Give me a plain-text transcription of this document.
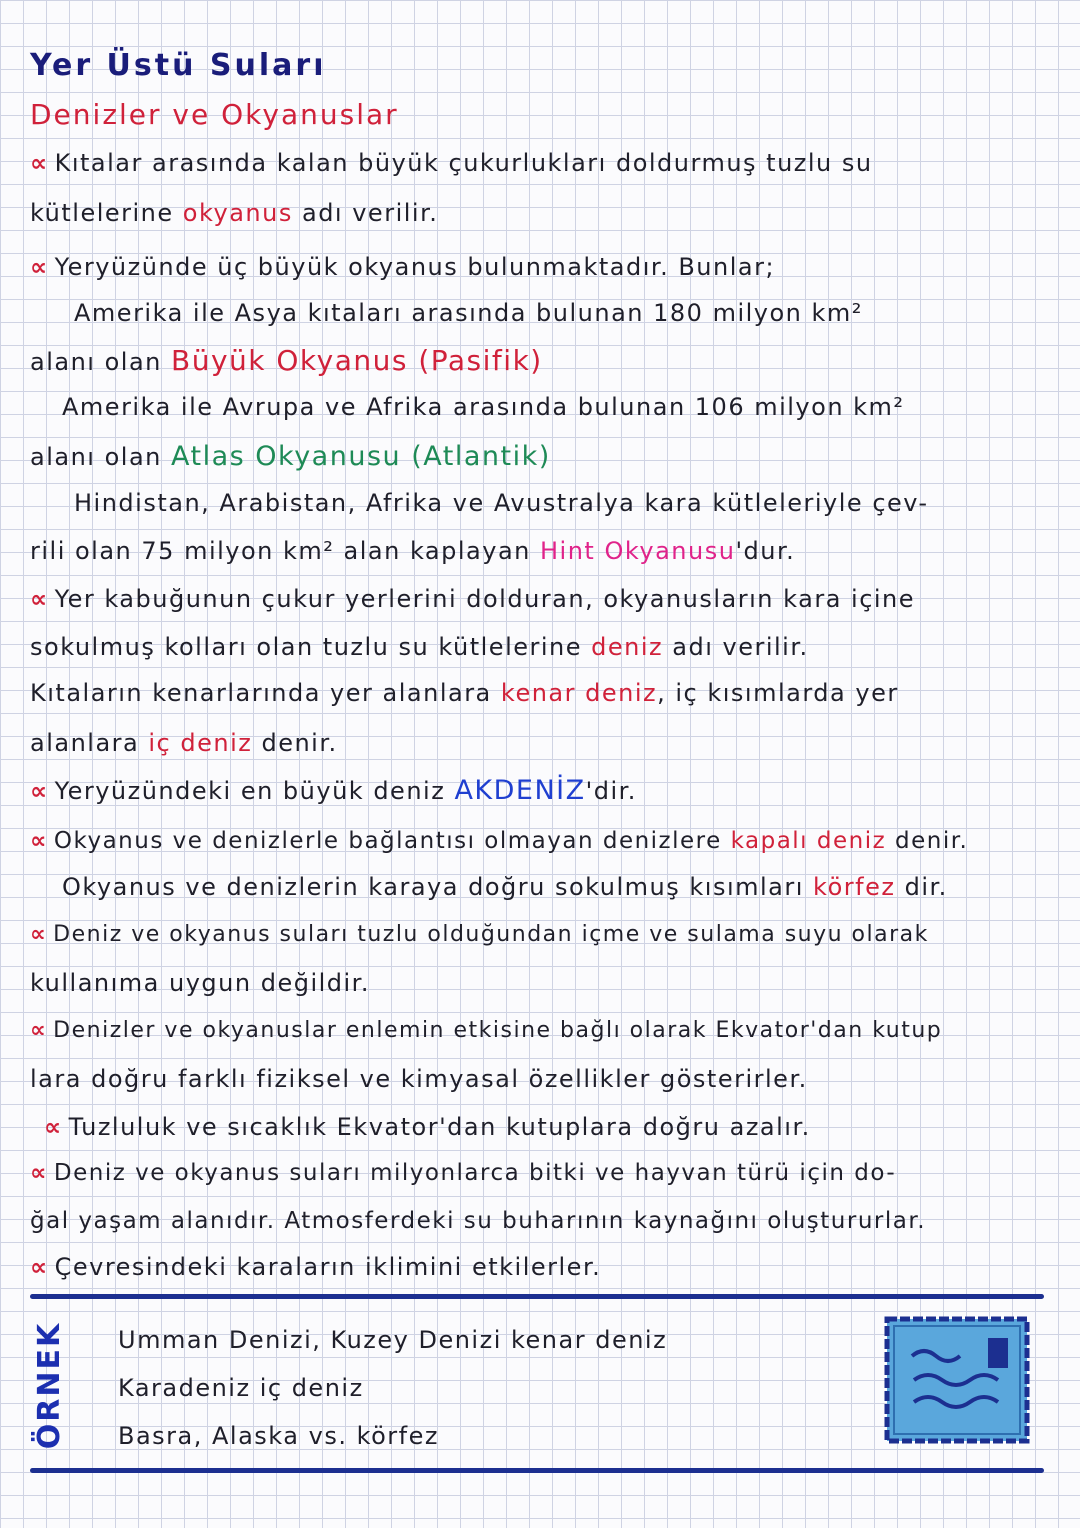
Yer Üstü Suları
Denizler ve Okyanuslar
∝ Kıtalar arasında kalan büyük çukurlukları doldurmuş tuzlu su
kütlelerine okyanus adı verilir.
∝ Yeryüzünde üç büyük okyanus bulunmaktadır. Bunlar;
Amerika ile Asya kıtaları arasında bulunan 180 milyon km²
alanı olan Büyük Okyanus (Pasifik)
Amerika ile Avrupa ve Afrika arasında bulunan 106 milyon km²
alanı olan Atlas Okyanusu (Atlantik)
Hindistan, Arabistan, Afrika ve Avustralya kara kütleleriyle çev-
rili olan 75 milyon km² alan kaplayan Hint Okyanusu'dur.
∝ Yer kabuğunun çukur yerlerini dolduran, okyanusların kara içine
sokulmuş kolları olan tuzlu su kütlelerine deniz adı verilir.
Kıtaların kenarlarında yer alanlara kenar deniz, iç kısımlarda yer
alanlara iç deniz denir.
∝ Yeryüzündeki en büyük deniz AKDENİZ'dir.
∝ Okyanus ve denizlerle bağlantısı olmayan denizlere kapalı deniz denir.
Okyanus ve denizlerin karaya doğru sokulmuş kısımları körfez dir.
∝ Deniz ve okyanus suları tuzlu olduğundan içme ve sulama suyu olarak
kullanıma uygun değildir.
∝ Denizler ve okyanuslar enlemin etkisine bağlı olarak Ekvator'dan kutup
lara doğru farklı fiziksel ve kimyasal özellikler gösterirler.
∝ Tuzluluk ve sıcaklık Ekvator'dan kutuplara doğru azalır.
∝ Deniz ve okyanus suları milyonlarca bitki ve hayvan türü için do-
ğal yaşam alanıdır. Atmosferdeki su buharının kaynağını oluştururlar.
∝ Çevresindeki karaların iklimini etkilerler.
ÖRNEK Umman Denizi, Kuzey Denizi kenar deniz
Karadeniz iç deniz
Basra, Alaska vs. körfez
